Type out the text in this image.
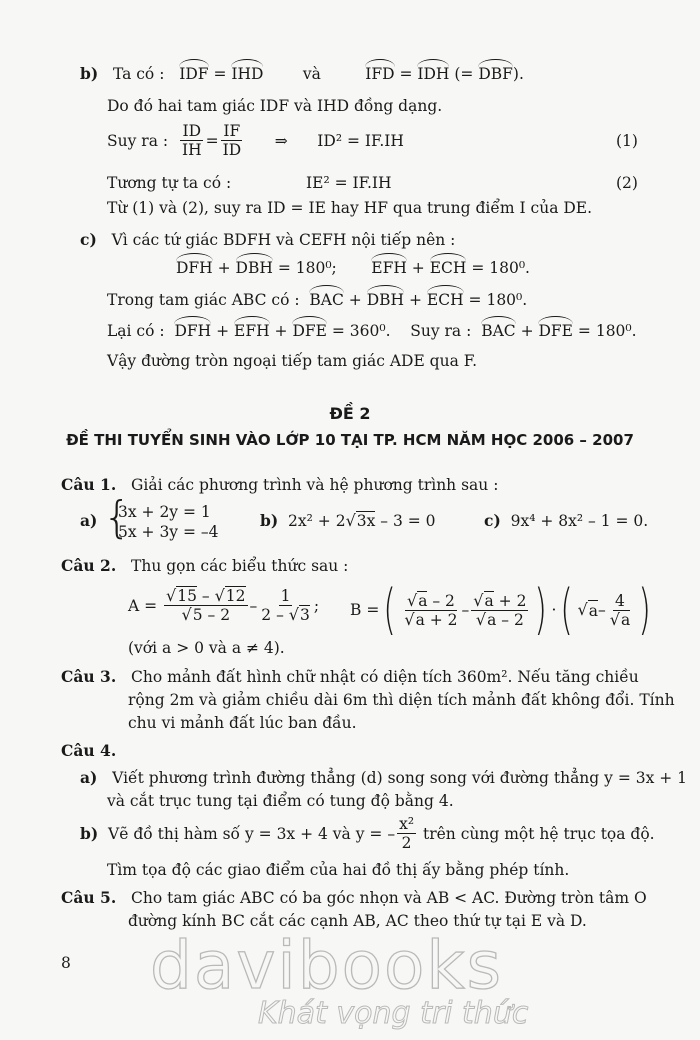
b) Ta có : IDF = IHD	và	IFD = IDH (= DBF).
Do đó hai tam giác IDF và IHD đồng dạng.
Suy ra :
$\frac{ID}{IH} = \frac{IF}{ID}$
⇒
ID² = IF.IH	(1)
Tương tự ta có :	IE² = IF.IH	(2)
Từ (1) và (2), suy ra ID = IE hay HF qua trung điểm I của DE.
c) Vì các tứ giác BDFH và CEFH nội tiếp nên :
DFH + DBH = 180⁰; EFH + ECH = 180⁰.
Trong tam giác ABC có : BAC + DBH + ECH = 180⁰.
Lại có : DFH + EFH + DFE = 360⁰. Suy ra : BAC + DFE = 180⁰.
Vậy đường tròn ngoại tiếp tam giác ADE qua F.
ĐỀ 2
ĐỀ THI TUYỂN SINH VÀO LỚP 10 TẠI TP. HCM NĂM HỌC 2006 – 2007
Câu 1. Giải các phương trình và hệ phương trình sau :
a) {
3x + 2y = 1
5x + 3y = –4
b) 2x² + 2√3x – 3 = 0	c) 9x⁴ + 8x² – 1 = 0.
Câu 2. Thu gọn các biểu thức sau :
A =
$\frac{√15 - √12}{√5 - 2} - \frac{1}{2 - √3}$ ; B = ( $\frac{√a - 2}{√a + 2} - \frac{√a + 2}{√a - 2}$ ) · ( √ a – $\frac{4}{√a}$ )
(với a > 0 và a ≠ 4).
Câu 3. Cho mảnh đất hình chữ nhật có diện tích 360m². Nếu tăng chiều
rộng 2m và giảm chiều dài 6m thì diện tích mảnh đất không đổi. Tính
chu vi mảnh đất lúc ban đầu.
Câu 4.
a) Viết phương trình đường thẳng (d) song song với đường thẳng y = 3x + 1
và cắt trục tung tại điểm có tung độ bằng 4.
b)
Vẽ đồ thị hàm số y = 3x + 4 và y = – $\frac{\text{x²}}{2}$
trên cùng một hệ trục tọa độ.
Tìm tọa độ các giao điểm của hai đồ thị ấy bằng phép tính.
Câu 5. Cho tam giác ABC có ba góc nhọn và AB < AC. Đường tròn tâm O
đường kính BC cắt các cạnh AB, AC theo thứ tự tại E và D.
8 davibooks
Khát vọng tri thức
